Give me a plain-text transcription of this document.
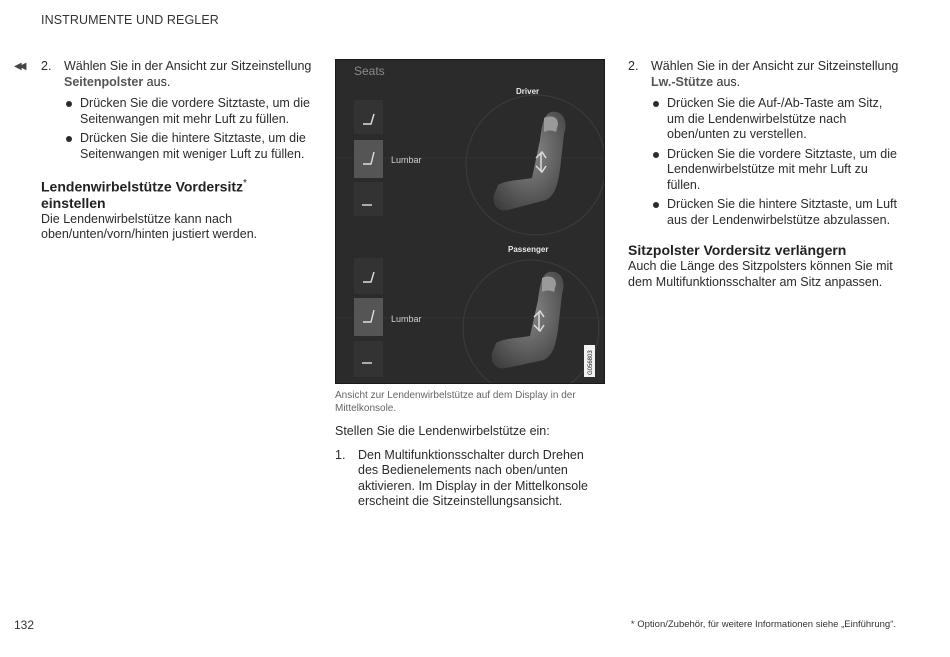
INSTRUMENTE UND REGLER
◀◀ 2.	Wählen Sie in der Ansicht zur Sitzeinstellung Seitenpolster aus.
Drücken Sie die vordere Sitztaste, um die Seitenwangen mit mehr Luft zu füllen.
Drücken Sie die hintere Sitztaste, um die Seitenwangen mit weniger Luft zu füllen.
Lendenwirbelstütze Vordersitz*
einstellen

Die Lendenwirbelstütze kann nach oben/unten/vorn/hinten justiert werden.

Seats
Driver
Lumbar
Passenger
Lumbar
G056803
Ansicht zur Lendenwirbelstütze auf dem Display in der Mittelkonsole.

Stellen Sie die Lendenwirbelstütze ein:

1.	Den Multifunktionsschalter durch Drehen des Bedienelements nach oben/unten aktivieren. Im Display in der Mittelkonsole erscheint die Sitzeinstellungsansicht.
2.	Wählen Sie in der Ansicht zur Sitzeinstellung Lw.-Stütze aus.
Drücken Sie die Auf-/Ab-Taste am Sitz, um die Lendenwirbelstütze nach oben/unten zu verstellen.
Drücken Sie die vordere Sitztaste, um die Lendenwirbelstütze mit mehr Luft zu füllen.
Drücken Sie die hintere Sitztaste, um Luft aus der Lendenwirbelstütze abzulassen.
Sitzpolster Vordersitz verlängern

Auch die Länge des Sitzpolsters können Sie mit dem Multifunktionsschalter am Sitz anpassen.

132	* Option/Zubehör, für weitere Informationen siehe „Einführung“.
